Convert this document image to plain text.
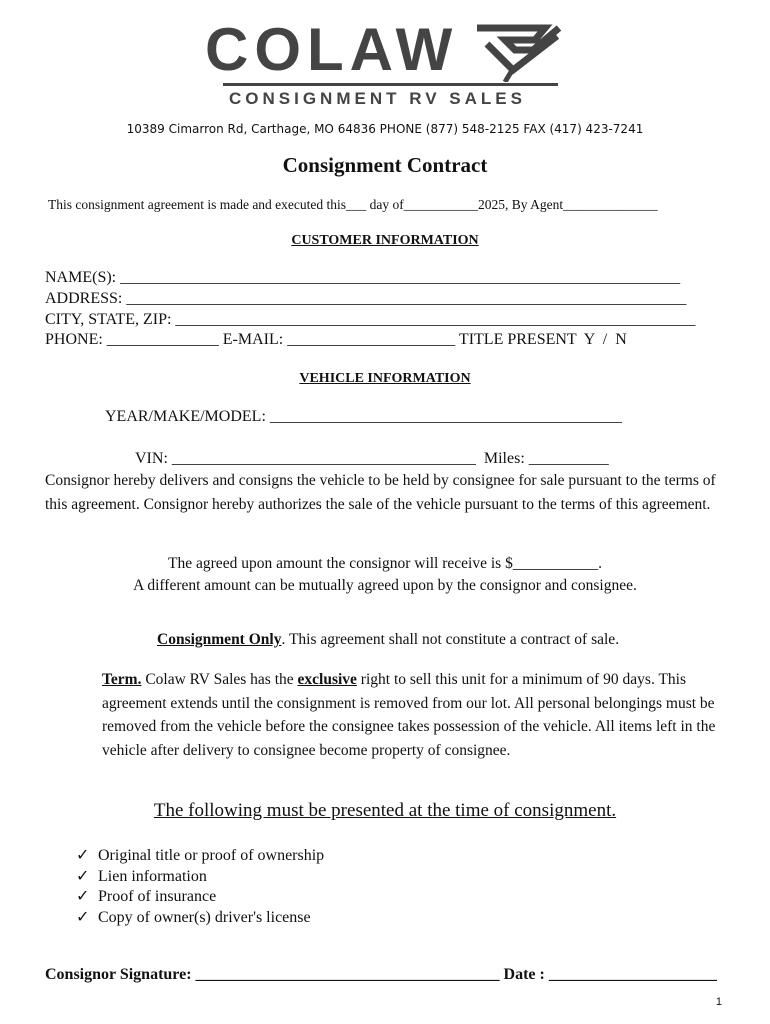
COLAW
CONSIGNMENT RV SALES
10389 Cimarron Rd, Carthage, MO 64836 PHONE (877) 548-2125 FAX (417) 423-7241
Consignment Contract
This consignment agreement is made and executed this___ day of___________2025, By Agent______________
CUSTOMER INFORMATION
NAME(S): ______________________________________________________________________
ADDRESS: ______________________________________________________________________
CITY, STATE, ZIP: _________________________________________________________________
PHONE: ______________ E-MAIL: _____________________ TITLE PRESENT  Y  /  N
VEHICLE INFORMATION
YEAR/MAKE/MODEL: ____________________________________________
VIN: ______________________________________  Miles: __________
Consignor hereby delivers and consigns the vehicle to be held by consignee for sale pursuant to the terms of this agreement. Consignor hereby authorizes the sale of the vehicle pursuant to the terms of this agreement.
The agreed upon amount the consignor will receive is $___________.
A different amount can be mutually agreed upon by the consignor and consignee.
Consignment Only. This agreement shall not constitute a contract of sale.
Term. Colaw RV Sales has the exclusive right to sell this unit for a minimum of 90 days. This agreement extends until the consignment is removed from our lot. All personal belongings must be removed from the vehicle before the consignee takes possession of the vehicle. All items left in the vehicle after delivery to consignee become property of consignee.
The following must be presented at the time of consignment.
✓ Original title or proof of ownership
✓ Lien information
✓ Proof of insurance
✓ Copy of owner(s) driver's license
Consignor Signature: ______________________________________ Date : _____________________
1
